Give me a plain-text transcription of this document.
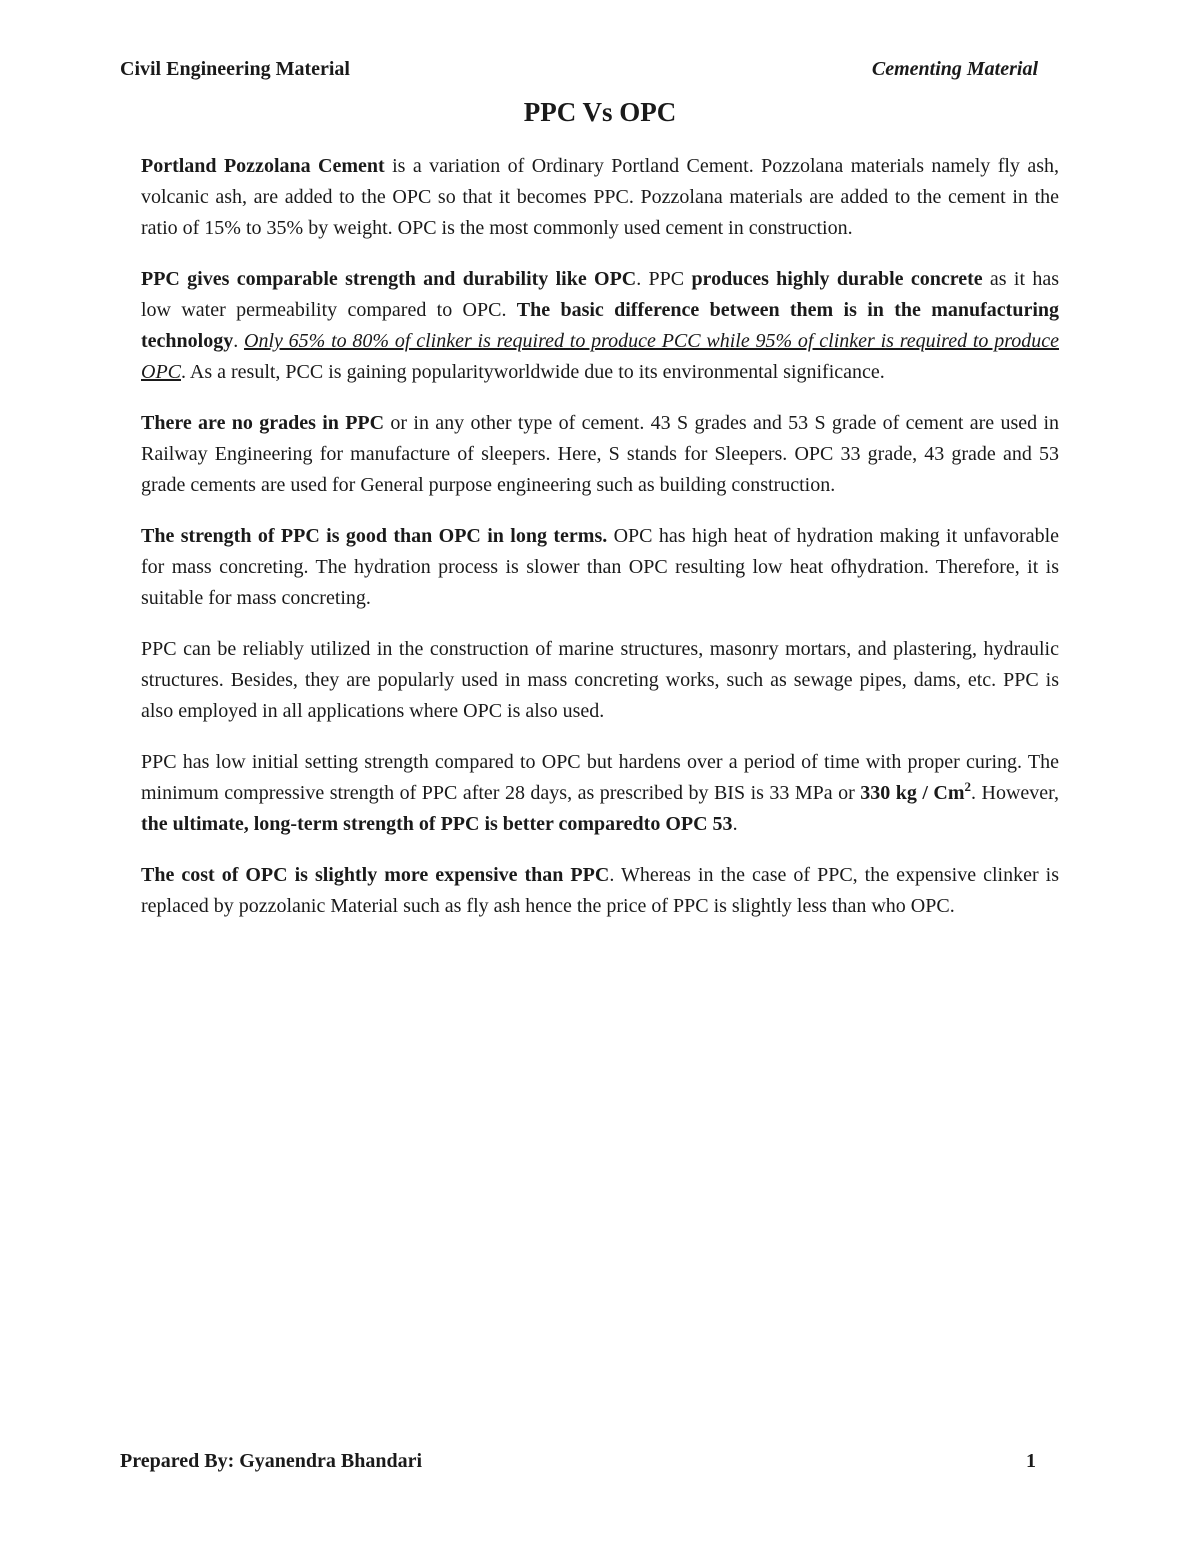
Civil Engineering Material	Cementing Material
PPC Vs OPC

Portland Pozzolana Cement is a variation of Ordinary Portland Cement. Pozzolana materials namely fly ash, volcanic ash, are added to the OPC so that it becomes PPC. Pozzolana materials are added to the cement in the ratio of 15% to 35% by weight. OPC is the most commonly used cement in construction.

PPC gives comparable strength and durability like OPC. PPC produces highly durable concrete as it has low water permeability compared to OPC. The basic difference between them is in the manufacturing technology. Only 65% to 80% of clinker is required to produce PCC while 95% of clinker is required to produce OPC. As a result, PCC is gaining popularityworldwide due to its environmental significance.

There are no grades in PPC or in any other type of cement. 43 S grades and 53 S grade of cement are used in Railway Engineering for manufacture of sleepers. Here, S stands for Sleepers. OPC 33 grade, 43 grade and 53 grade cements are used for General purpose engineering such as building construction.

The strength of PPC is good than OPC in long terms. OPC has high heat of hydration making it unfavorable for mass concreting. The hydration process is slower than OPC resulting low heat ofhydration. Therefore, it is suitable for mass concreting.

PPC can be reliably utilized in the construction of marine structures, masonry mortars, and plastering, hydraulic structures. Besides, they are popularly used in mass concreting works, such as sewage pipes, dams, etc. PPC is also employed in all applications where OPC is also used.

PPC has low initial setting strength compared to OPC but hardens over a period of time with proper curing. The minimum compressive strength of PPC after 28 days, as prescribed by BIS is 33 MPa or 330 kg / Cm$^2$. However, the ultimate, long-term strength of PPC is better comparedto OPC 53.

The cost of OPC is slightly more expensive than PPC. Whereas in the case of PPC, the expensive clinker is replaced by pozzolanic Material such as fly ash hence the price of PPC is slightly less than who OPC.

Prepared By: Gyanendra Bhandari	1
